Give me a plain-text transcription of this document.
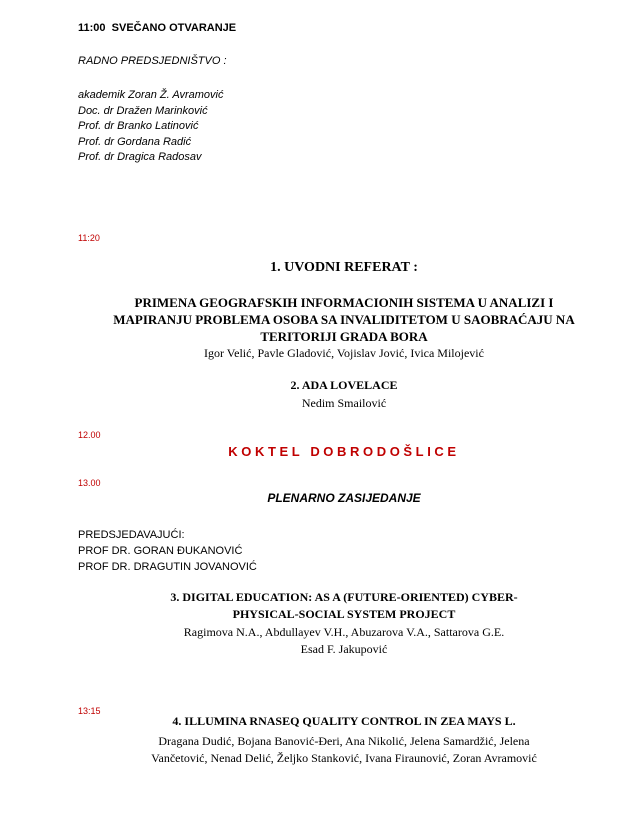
11:00 SVEČANO OTVARANJE
RADNO PREDSJEDNIŠTVO :
akademik Zoran Ž. Avramović
Doc. dr Dražen Marinković
Prof. dr Branko Latinović
Prof. dr Gordana Radić
Prof. dr Dragica Radosav
11:20
1. UVODNI REFERAT :
PRIMENA GEOGRAFSKIH INFORMACIONIH SISTEMA U ANALIZI I
MAPIRANJU PROBLEMA OSOBA SA INVALIDITETOM U SAOBRAĆAJU NA
TERITORIJI GRADA BORA
Igor Velić, Pavle Gladović, Vojislav Jović, Ivica Milojević
2. ADA LOVELACE
Nedim Smailović
12.00
KOKTEL DOBRODOŠLICE
13.00
PLENARNO ZASIJEDANJE
PREDSJEDAVAJUĆI:
PROF DR. GORAN ĐUKANOVIĆ
PROF DR. DRAGUTIN JOVANOVIĆ
3. DIGITAL EDUCATION: AS A (FUTURE-ORIENTED) CYBER-
PHYSICAL-SOCIAL SYSTEM PROJECT
Ragimova N.A., Abdullayev V.H., Abuzarova V.A., Sattarova G.E.
Esad F. Jakupović
13:15
4. ILLUMINA RNASEQ QUALITY CONTROL IN ZEA MAYS L.
Dragana Dudić, Bojana Banović-Đeri, Ana Nikolić, Jelena Samardžić, Jelena
Vančetović, Nenad Delić, Željko Stanković, Ivana Firaunović, Zoran Avramović
